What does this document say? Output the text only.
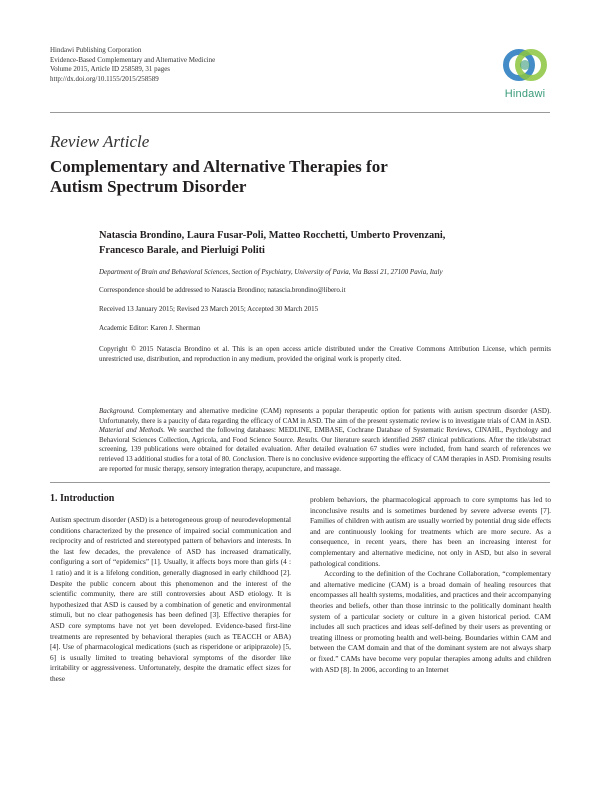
Hindawi Publishing Corporation
Evidence-Based Complementary and Alternative Medicine
Volume 2015, Article ID 258589, 31 pages
http://dx.doi.org/10.1155/2015/258589
Hindawi
Review Article
Complementary and Alternative Therapies for
Autism Spectrum Disorder
Natascia Brondino, Laura Fusar-Poli, Matteo Rocchetti, Umberto Provenzani,
Francesco Barale, and Pierluigi Politi
Department of Brain and Behavioral Sciences, Section of Psychiatry, University of Pavia, Via Bassi 21, 27100 Pavia, Italy
Correspondence should be addressed to Natascia Brondino; natascia.brondino@libero.it
Received 13 January 2015; Revised 23 March 2015; Accepted 30 March 2015
Academic Editor: Karen J. Sherman
Copyright © 2015 Natascia Brondino et al. This is an open access article distributed under the Creative Commons Attribution License, which permits unrestricted use, distribution, and reproduction in any medium, provided the original work is properly cited.
Background. Complementary and alternative medicine (CAM) represents a popular therapeutic option for patients with autism spectrum disorder (ASD). Unfortunately, there is a paucity of data regarding the efficacy of CAM in ASD. The aim of the present systematic review is to investigate trials of CAM in ASD. Material and Methods. We searched the following databases: MEDLINE, EMBASE, Cochrane Database of Systematic Reviews, CINAHL, Psychology and Behavioral Sciences Collection, Agricola, and Food Science Source. Results. Our literature search identified 2687 clinical publications. After the title/abstract screening, 139 publications were obtained for detailed evaluation. After detailed evaluation 67 studies were included, from hand search of references we retrieved 13 additional studies for a total of 80. Conclusion. There is no conclusive evidence supporting the efficacy of CAM therapies in ASD. Promising results are reported for music therapy, sensory integration therapy, acupuncture, and massage.
1. Introduction

Autism spectrum disorder (ASD) is a heterogeneous group of neurodevelopmental conditions characterized by the presence of impaired social communication and reciprocity and of restricted and stereotyped pattern of behaviors and interests. In the last few decades, the prevalence of ASD has increased dramatically, configuring a sort of “epidemics” [1]. Usually, it affects boys more than girls (4 : 1 ratio) and it is a lifelong condition, generally diagnosed in early childhood [2]. Despite the public concern about this phenomenon and the interest of the scientific community, there are still controversies about ASD etiology. It is hypothesized that ASD is caused by a combination of genetic and environmental stimuli, but no clear pathogenesis has been defined [3]. Effective therapies for ASD core symptoms have not yet been developed. Evidence-based first-line treatments are represented by behavioral therapies (such as TEACCH or ABA) [4]. Use of pharmacological medications (such as risperidone or aripiprazole) [5, 6] is usually limited to treating behavioral symptoms of the disorder like irritability or aggressiveness. Unfortunately, despite the dramatic effect sizes for these

problem behaviors, the pharmacological approach to core symptoms has led to inconclusive results and is sometimes burdened by severe adverse events [7]. Families of children with autism are usually worried by potential drug side effects and are continuously looking for treatments which are more secure. As a consequence, in recent years, there has been an increasing interest for complementary and alternative medicine, not only in ASD, but also in several pathological conditions.

According to the definition of the Cochrane Collaboration, “complementary and alternative medicine (CAM) is a broad domain of healing resources that encompasses all health systems, modalities, and practices and their accompanying theories and beliefs, other than those intrinsic to the politically dominant health system of a particular society or culture in a given historical period. CAM includes all such practices and ideas self-defined by their users as preventing or treating illness or promoting health and well-being. Boundaries within CAM and between the CAM domain and that of the dominant system are not always sharp or fixed.” CAMs have become very popular therapies among adults and children with ASD [8]. In 2006, according to an Internet
